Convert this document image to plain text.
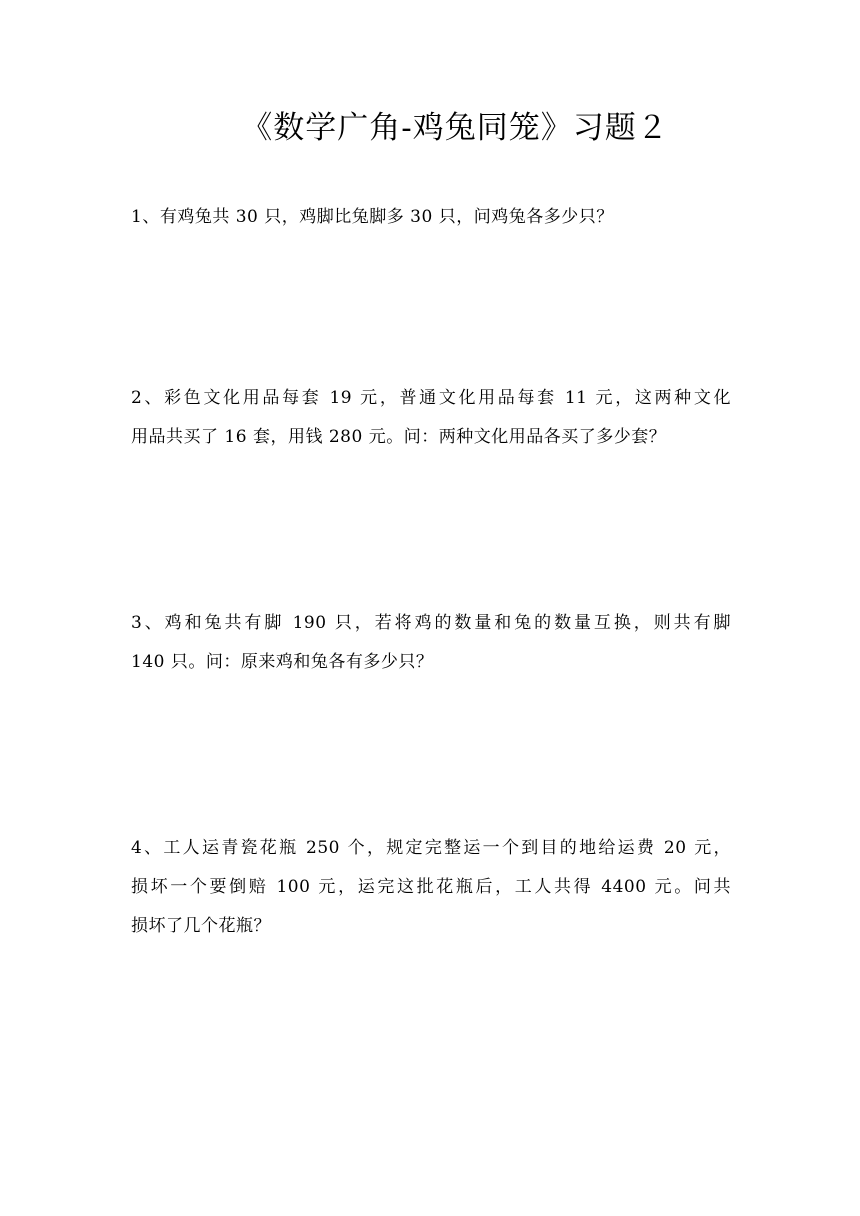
《数学广角-鸡兔同笼》习题２
1、有鸡兔共 30 只，鸡脚比兔脚多 30 只，问鸡兔各多少只？
2、彩色文化用品每套 19 元，普通文化用品每套 11 元，这两种文化
用品共买了 16 套，用钱 280 元。问：两种文化用品各买了多少套？
3、鸡和兔共有脚 190 只，若将鸡的数量和兔的数量互换，则共有脚
140 只。问：原来鸡和兔各有多少只？
4、工人运青瓷花瓶 250 个，规定完整运一个到目的地给运费 20 元，
损坏一个要倒赔 100 元，运完这批花瓶后，工人共得 4400 元。问共
损坏了几个花瓶？
